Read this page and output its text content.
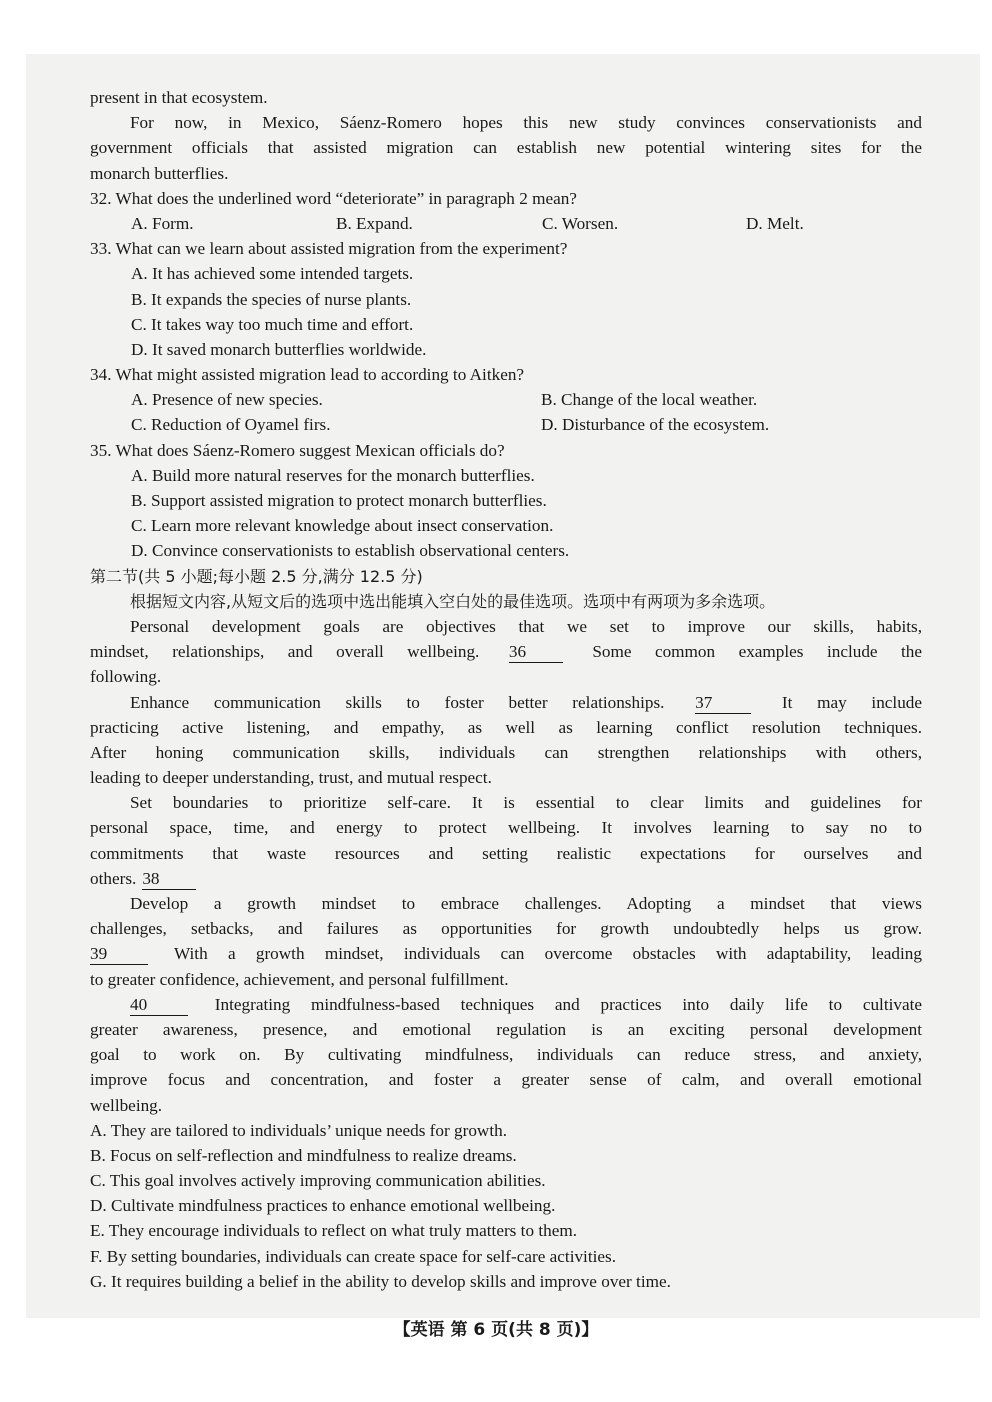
present in that ecosystem.
For now, in Mexico, Sáenz-Romero hopes this new study convinces conservationists and
government officials that assisted migration can establish new potential wintering sites for the
monarch butterflies.
32. What does the underlined word “deteriorate” in paragraph 2 mean?
A. Form.	B. Expand.	C. Worsen.	D. Melt.
33. What can we learn about assisted migration from the experiment?
A. It has achieved some intended targets.
B. It expands the species of nurse plants.
C. It takes way too much time and effort.
D. It saved monarch butterflies worldwide.
34. What might assisted migration lead to according to Aitken?
A. Presence of new species.	B. Change of the local weather.
C. Reduction of Oyamel firs.	D. Disturbance of the ecosystem.
35. What does Sáenz-Romero suggest Mexican officials do?
A. Build more natural reserves for the monarch butterflies.
B. Support assisted migration to protect monarch butterflies.
C. Learn more relevant knowledge about insect conservation.
D. Convince conservationists to establish observational centers.
第二节(共 5 小题;每小题 2.5 分,满分 12.5 分)
根据短文内容,从短文后的选项中选出能填入空白处的最佳选项。选项中有两项为多余选项。
Personal development goals are objectives that we set to improve our skills, habits,
mindset, relationships, and overall wellbeing. 36	Some common examples include the
following.
Enhance communication skills to foster better relationships. 37	It may include
practicing active listening, and empathy, as well as learning conflict resolution techniques.
After honing communication skills, individuals can strengthen relationships with others,
leading to deeper understanding, trust, and mutual respect.
Set boundaries to prioritize self-care. It is essential to clear limits and guidelines for
personal space, time, and energy to protect wellbeing. It involves learning to say no to
commitments that waste resources and setting realistic expectations for ourselves and
others. 38
Develop a growth mindset to embrace challenges. Adopting a mindset that views
challenges, setbacks, and failures as opportunities for growth undoubtedly helps us grow.
39	With a growth mindset, individuals can overcome obstacles with adaptability, leading
to greater confidence, achievement, and personal fulfillment.
40	Integrating mindfulness-based techniques and practices into daily life to cultivate
greater awareness, presence, and emotional regulation is an exciting personal development
goal to work on. By cultivating mindfulness, individuals can reduce stress, and anxiety,
improve focus and concentration, and foster a greater sense of calm, and overall emotional
wellbeing.
A. They are tailored to individuals’ unique needs for growth.
B. Focus on self-reflection and mindfulness to realize dreams.
C. This goal involves actively improving communication abilities.
D. Cultivate mindfulness practices to enhance emotional wellbeing.
E. They encourage individuals to reflect on what truly matters to them.
F. By setting boundaries, individuals can create space for self-care activities.
G. It requires building a belief in the ability to develop skills and improve over time.
【英语 第 6 页(共 8 页)】
